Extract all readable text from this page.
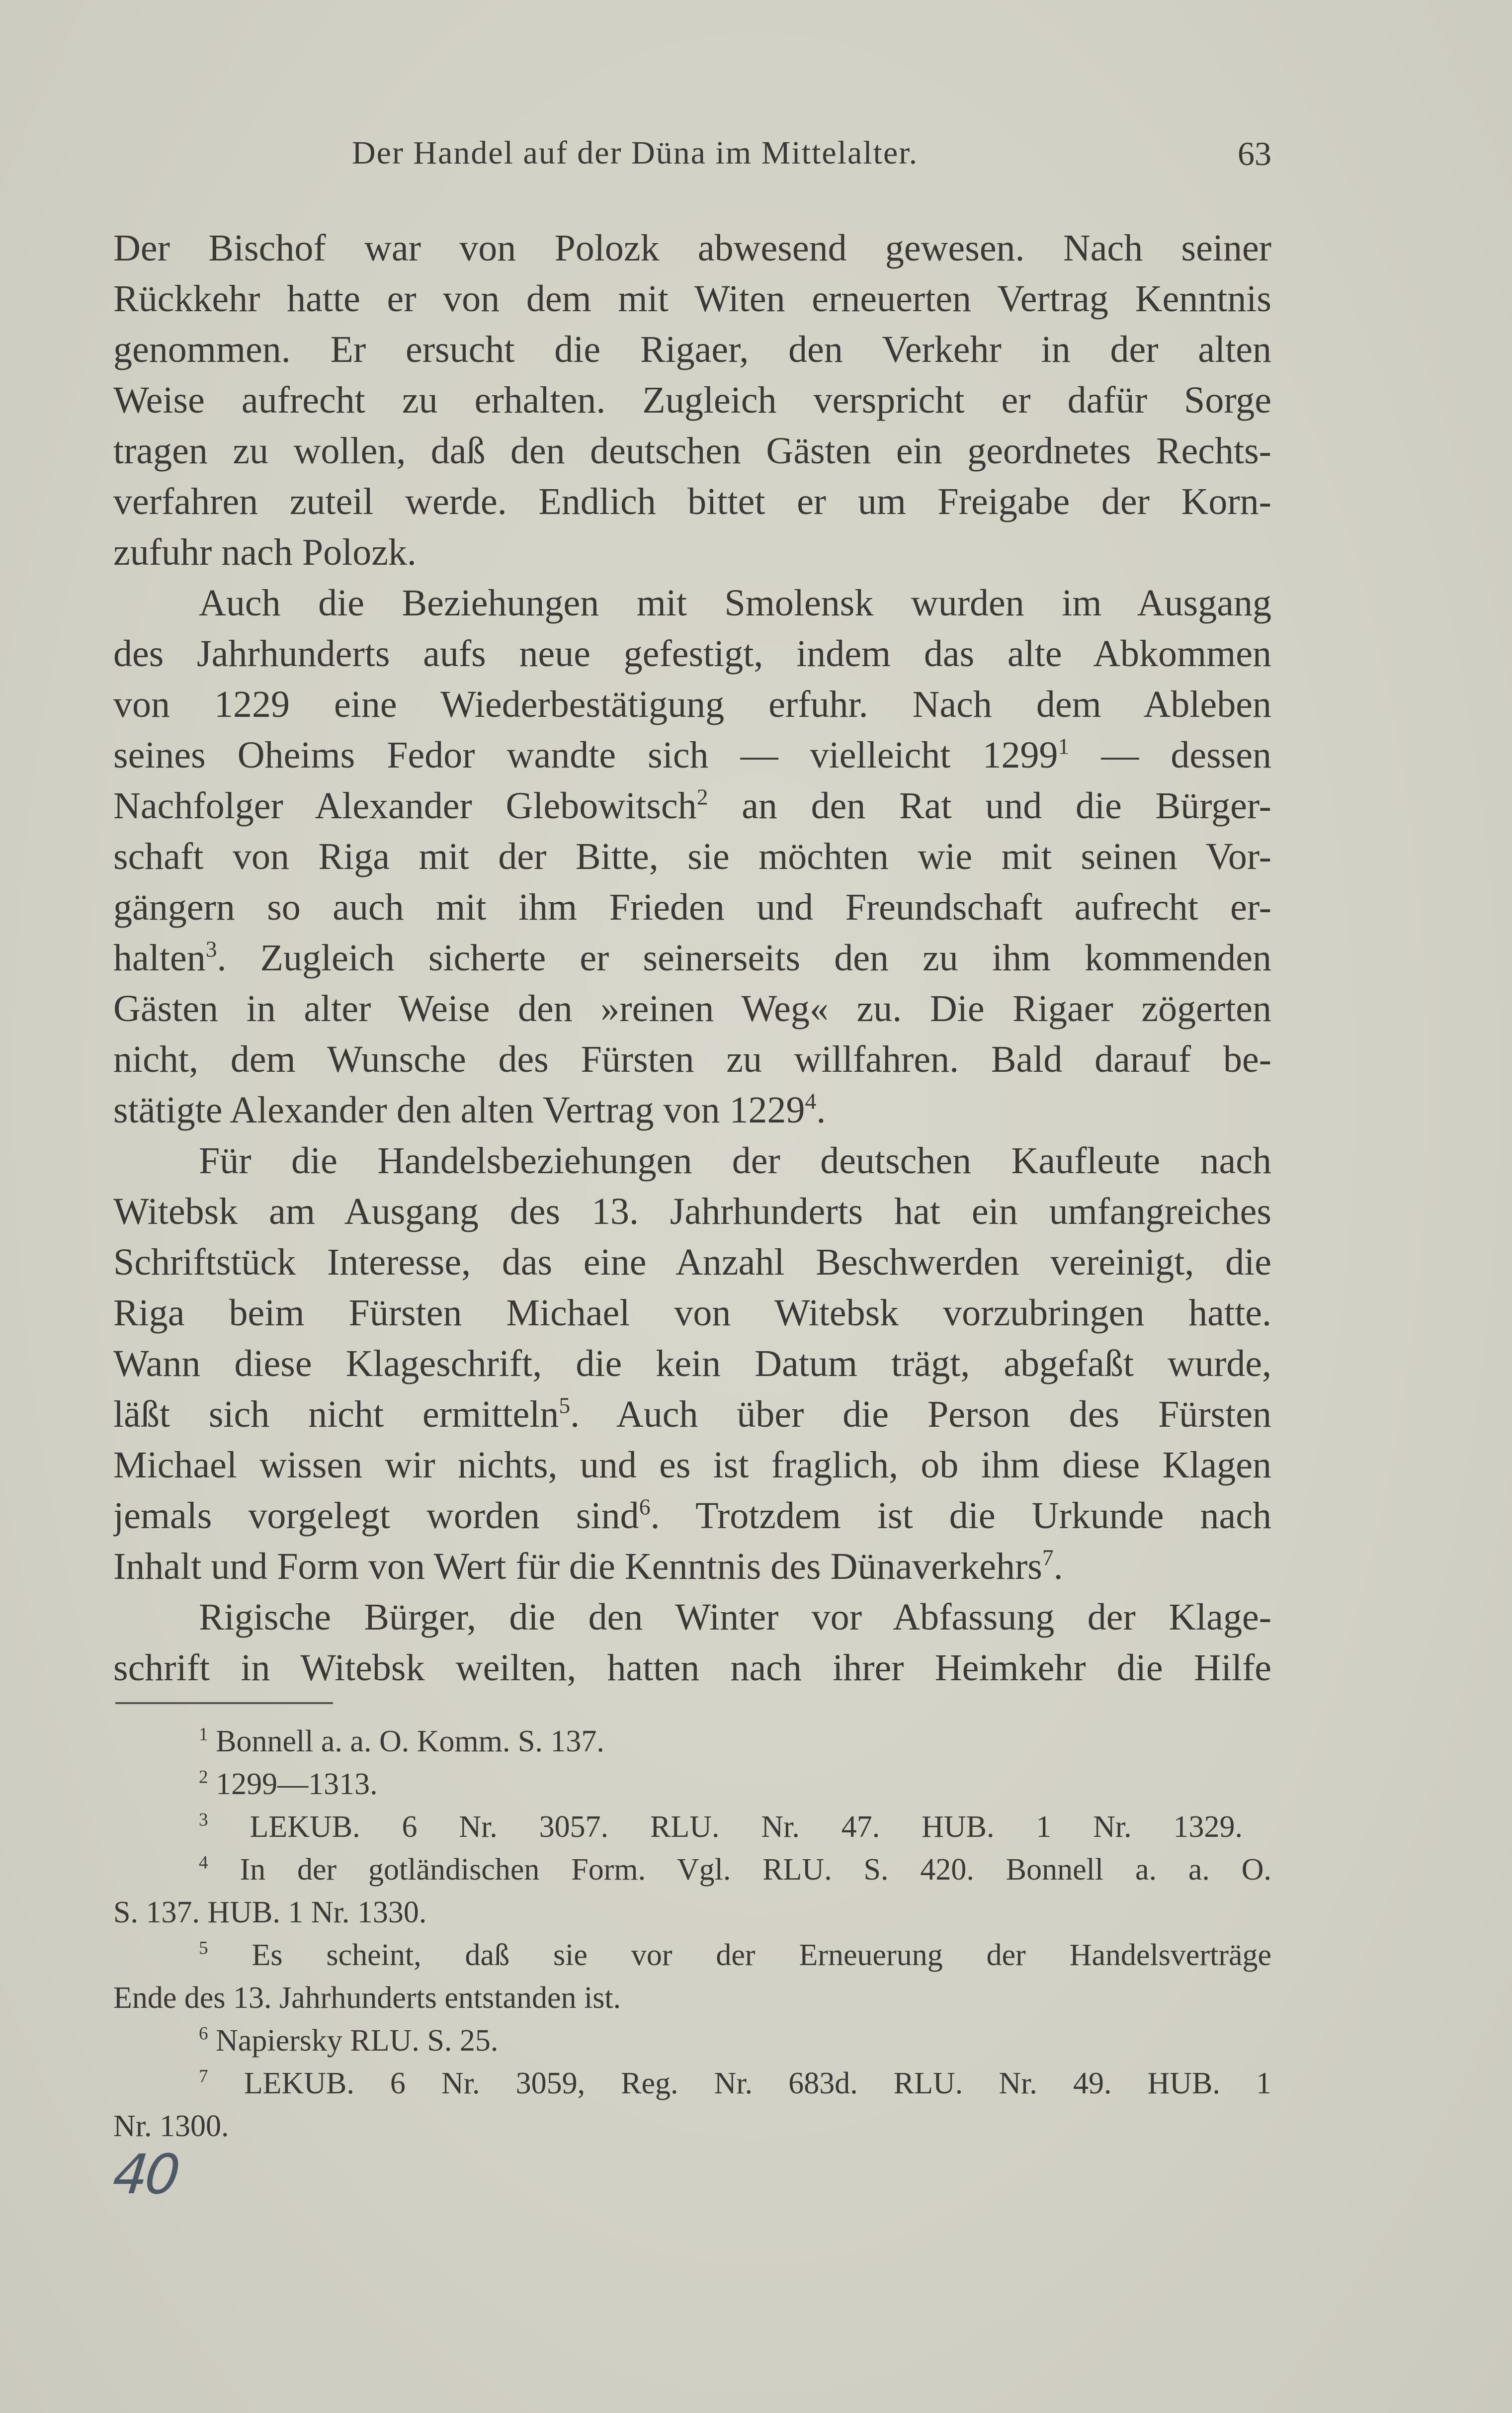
Der Handel auf der Düna im Mittelalter.	63
Der Bischof war von Polozk abwesend gewesen. Nach seiner
Rückkehr hatte er von dem mit Witen erneuerten Vertrag Kenntnis
genommen. Er ersucht die Rigaer, den Verkehr in der alten
Weise aufrecht zu erhalten. Zugleich verspricht er dafür Sorge
tragen zu wollen, daß den deutschen Gästen ein geordnetes Rechts-
verfahren zuteil werde. Endlich bittet er um Freigabe der Korn-
zufuhr nach Polozk.
Auch die Beziehungen mit Smolensk wurden im Ausgang
des Jahrhunderts aufs neue gefestigt, indem das alte Abkommen
von 1229 eine Wiederbestätigung erfuhr. Nach dem Ableben
seines Oheims Fedor wandte sich — vielleicht 1299$^1$ — dessen
Nachfolger Alexander Glebowitsch$^2$ an den Rat und die Bürger-
schaft von Riga mit der Bitte, sie möchten wie mit seinen Vor-
gängern so auch mit ihm Frieden und Freundschaft aufrecht er-
halten$^3$. Zugleich sicherte er seinerseits den zu ihm kommenden
Gästen in alter Weise den »reinen Weg« zu. Die Rigaer zögerten
nicht, dem Wunsche des Fürsten zu willfahren. Bald darauf be-
stätigte Alexander den alten Vertrag von 1229$^4$.
Für die Handelsbeziehungen der deutschen Kaufleute nach
Witebsk am Ausgang des 13. Jahrhunderts hat ein umfangreiches
Schriftstück Interesse, das eine Anzahl Beschwerden vereinigt, die
Riga beim Fürsten Michael von Witebsk vorzubringen hatte.
Wann diese Klageschrift, die kein Datum trägt, abgefaßt wurde,
läßt sich nicht ermitteln$^5$. Auch über die Person des Fürsten
Michael wissen wir nichts, und es ist fraglich, ob ihm diese Klagen
jemals vorgelegt worden sind$^6$. Trotzdem ist die Urkunde nach
Inhalt und Form von Wert für die Kenntnis des Dünaverkehrs$^7$.
Rigische Bürger, die den Winter vor Abfassung der Klage-
schrift in Witebsk weilten, hatten nach ihrer Heimkehr die Hilfe
$^1$ Bonnell a. a. O. Komm. S. 137.
$^2$ 1299—1313.
$^3$ LEKUB. 6 Nr. 3057. RLU. Nr. 47. HUB. 1 Nr. 1329.
$^4$ In der gotländischen Form. Vgl. RLU. S. 420. Bonnell a. a. O.
S. 137. HUB. 1 Nr. 1330.
$^5$ Es scheint, daß sie vor der Erneuerung der Handelsverträge
Ende des 13. Jahrhunderts entstanden ist.
$^6$ Napiersky RLU. S. 25.
$^7$ LEKUB. 6 Nr. 3059, Reg. Nr. 683d. RLU. Nr. 49. HUB. 1
Nr. 1300.
40
